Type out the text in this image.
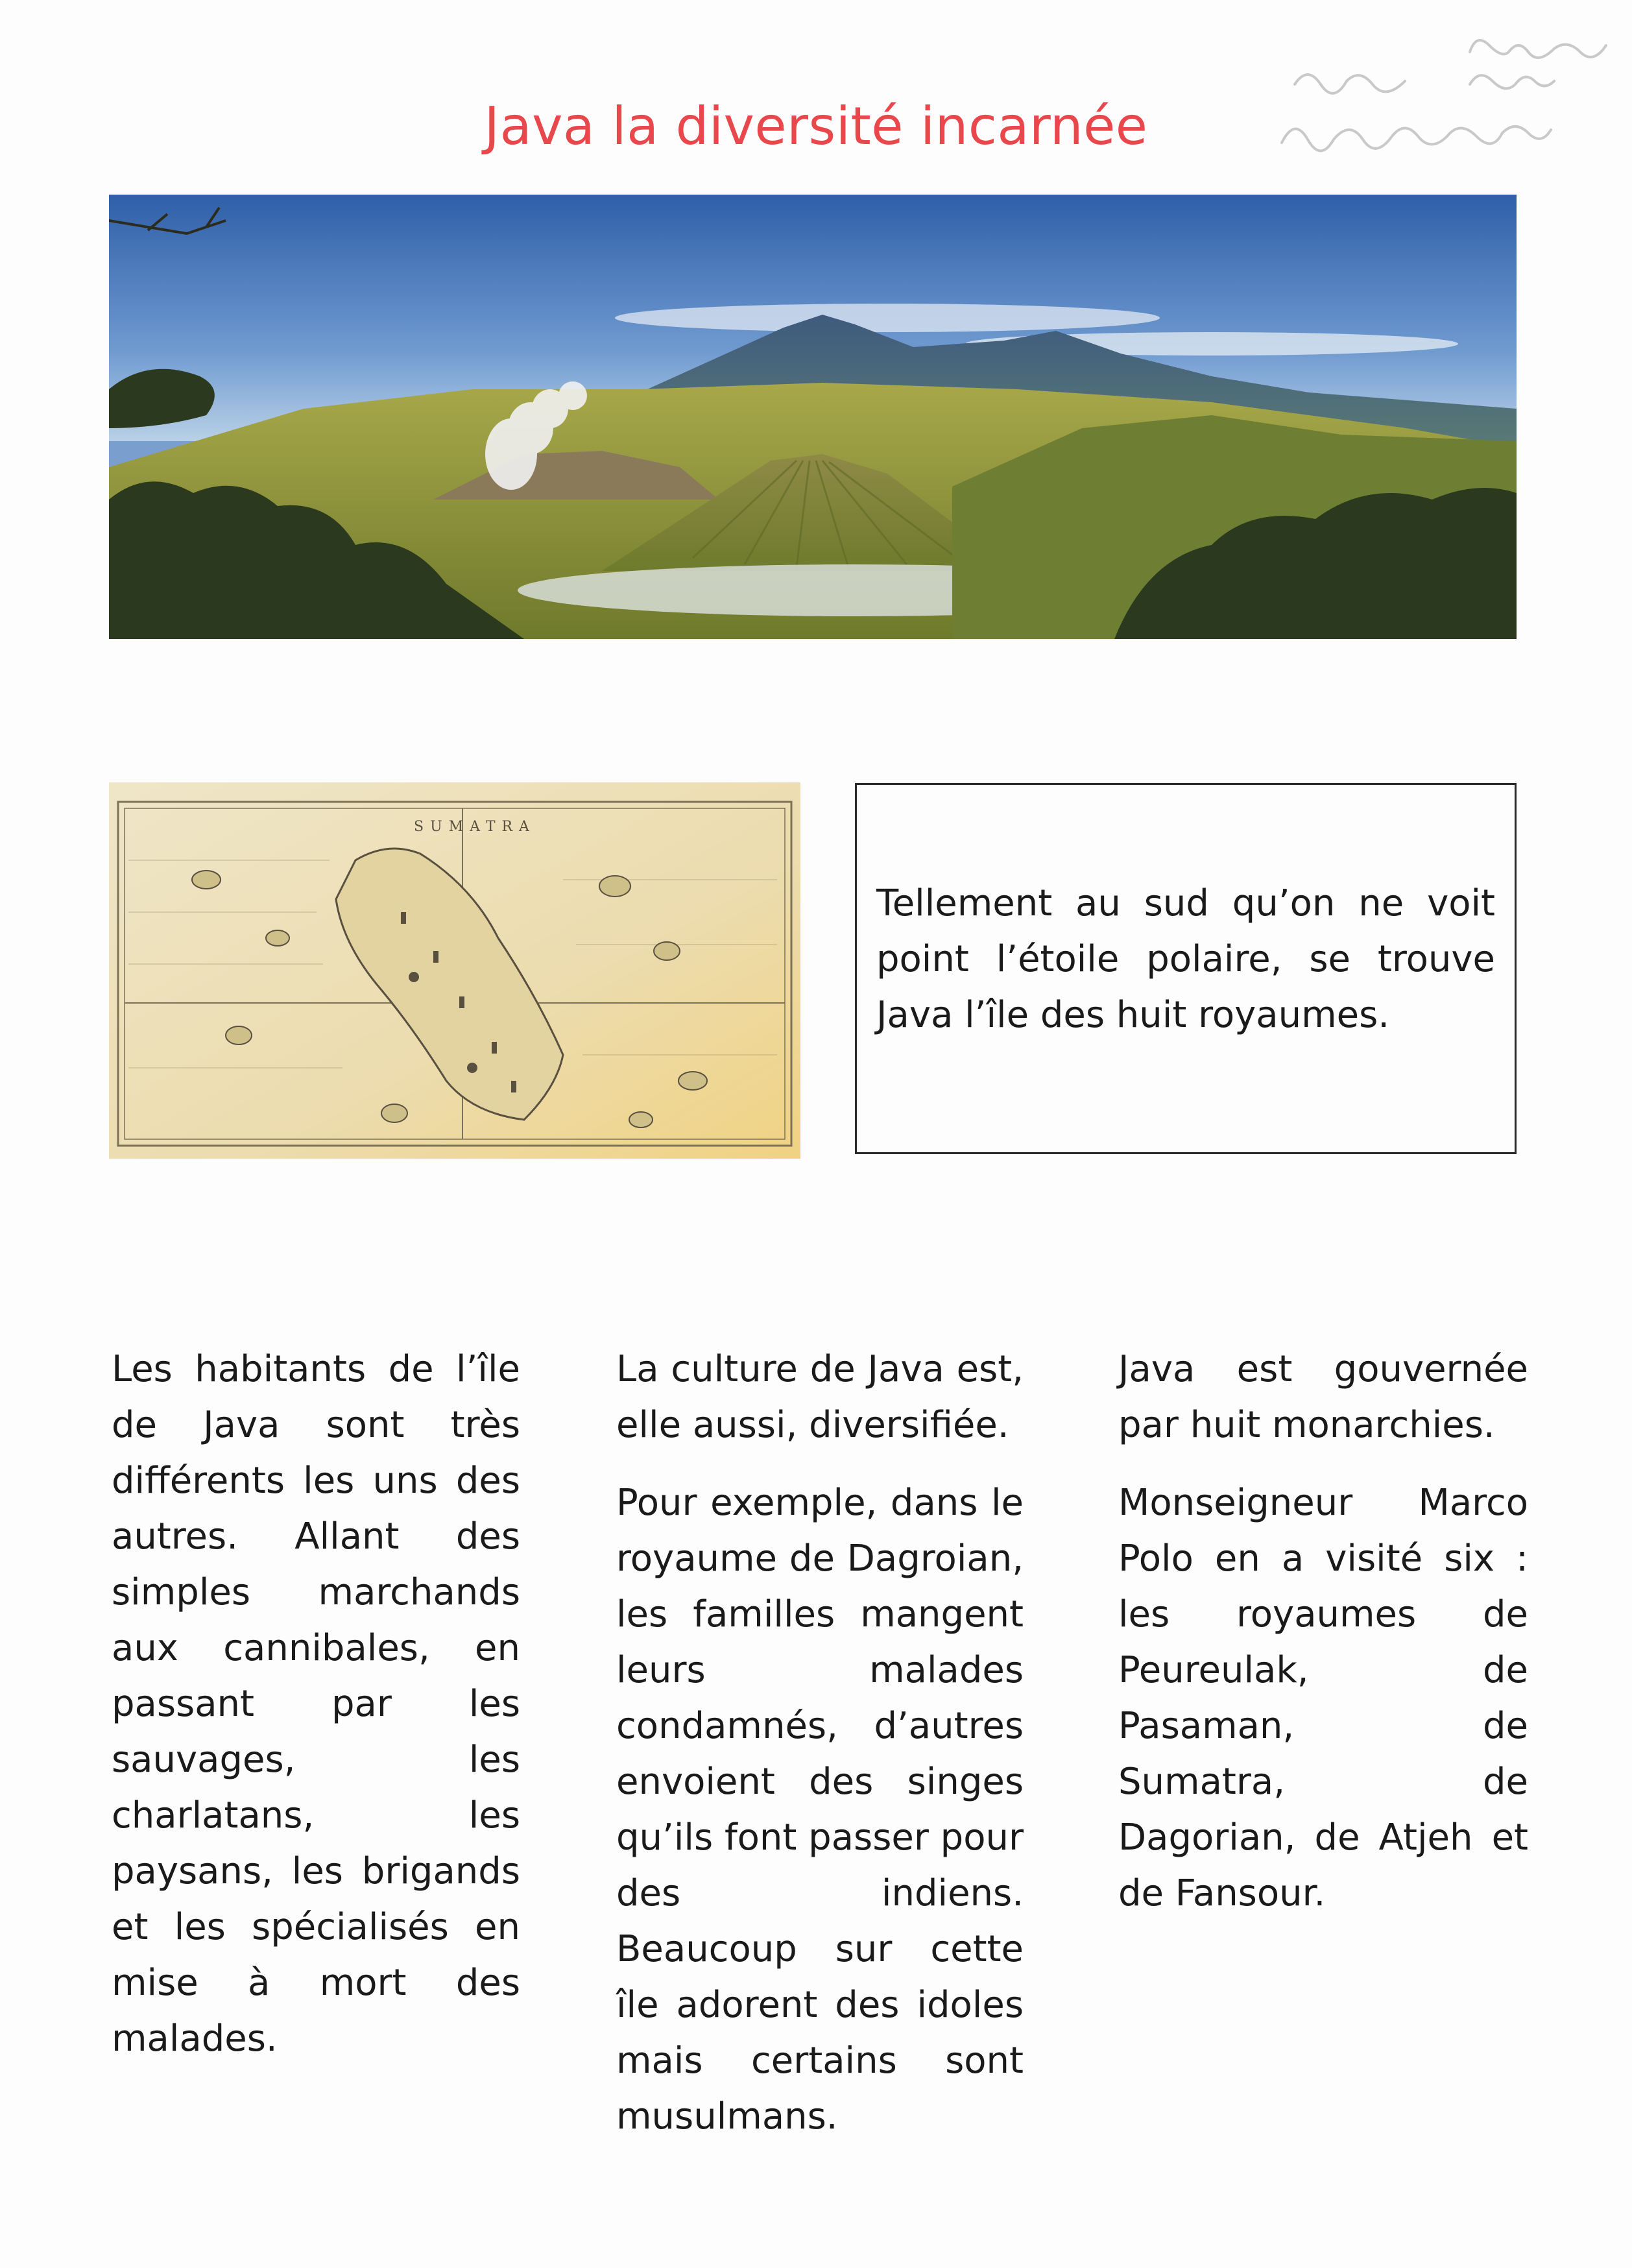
Java la diversité incarnée
SUMATRA

Tellement au sud qu’on ne voit point l’étoile polaire, se trouve Java l’île des huit royaumes.

Les habitants de l’île de Java sont très différents les uns des autres. Allant des simples marchands aux cannibales, en passant par les sauvages, les charlatans, les paysans, les brigands et les spécialisés en mise à mort des malades.

La culture de Java est, elle aussi, diversifiée.

Pour exemple, dans le royaume de Dagroian, les familles mangent leurs malades condamnés, d’autres envoient des singes qu’ils font passer pour des indiens. Beaucoup sur cette île adorent des idoles mais certains sont musulmans.

Java est gouvernée par huit monarchies.

Monseigneur Marco Polo en a visité six : les royaumes de Peureulak, de Pasaman, de Sumatra, de Dagorian, de Atjeh et de Fansour.
